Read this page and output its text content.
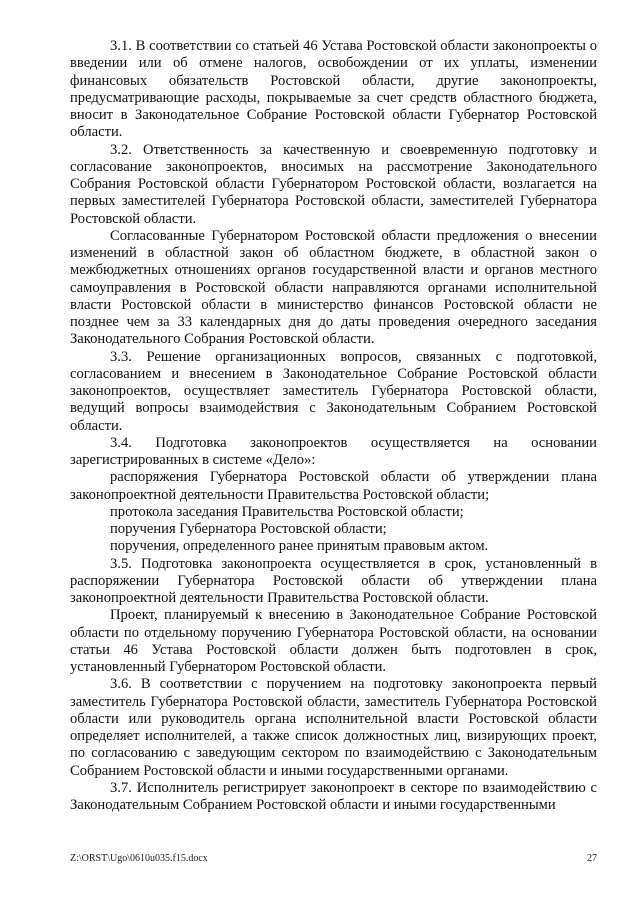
3.1. В соответствии со статьей 46 Устава Ростовской области законопроекты о введении или об отмене налогов, освобождении от их уплаты, изменении финансовых обязательств Ростовской области, другие законопроекты, предусматривающие расходы, покрываемые за счет средств областного бюджета, вносит в Законодательное Собрание Ростовской области Губернатор Ростовской области.

3.2. Ответственность за качественную и своевременную подготовку и согласование законопроектов, вносимых на рассмотрение Законодательного Собрания Ростовской области Губернатором Ростовской области, возлагается на первых заместителей Губернатора Ростовской области, заместителей Губернатора Ростовской области.

Согласованные Губернатором Ростовской области предложения о внесении изменений в областной закон об областном бюджете, в областной закон о межбюджетных отношениях органов государственной власти и органов местного самоуправления в Ростовской области направляются органами исполнительной власти Ростовской области в министерство финансов Ростовской области не позднее чем за 33 календарных дня до даты проведения очередного заседания Законодательного Собрания Ростовской области.

3.3. Решение организационных вопросов, связанных с подготовкой, согласованием и внесением в Законодательное Собрание Ростовской области законопроектов, осуществляет заместитель Губернатора Ростовской области, ведущий вопросы взаимодействия с Законодательным Собранием Ростовской области.

3.4. Подготовка законопроектов осуществляется на основании зарегистрированных в системе «Дело»:

распоряжения Губернатора Ростовской области об утверждении плана законопроектной деятельности Правительства Ростовской области;

протокола заседания Правительства Ростовской области;

поручения Губернатора Ростовской области;

поручения, определенного ранее принятым правовым актом.

3.5. Подготовка законопроекта осуществляется в срок, установленный в распоряжении Губернатора Ростовской области об утверждении плана законопроектной деятельности Правительства Ростовской области.

Проект, планируемый к внесению в Законодательное Собрание Ростовской области по отдельному поручению Губернатора Ростовской области, на основании статьи 46 Устава Ростовской области должен быть подготовлен в срок, установленный Губернатором Ростовской области.

3.6. В соответствии с поручением на подготовку законопроекта первый заместитель Губернатора Ростовской области, заместитель Губернатора Ростовской области или руководитель органа исполнительной власти Ростовской области определяет исполнителей, а также список должностных лиц, визирующих проект, по согласованию с заведующим сектором по взаимодействию с Законодательным Собранием Ростовской области и иными государственными органами.

3.7. Исполнитель регистрирует законопроект в секторе по взаимодействию с Законодательным Собранием Ростовской области и иными государственными

Z:\ORST\Ugo\0610u035.f15.docx	27
